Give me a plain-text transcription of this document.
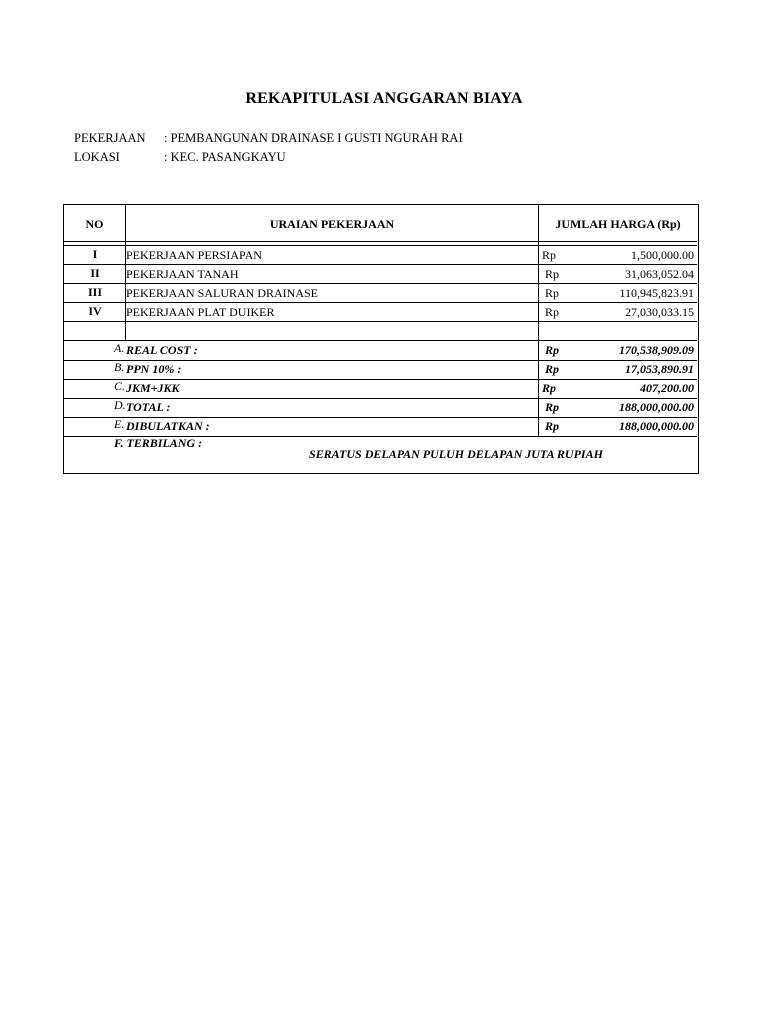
REKAPITULASI ANGGARAN BIAYA
PEKERJAAN : PEMBANGUNAN DRAINASE I GUSTI NGURAH RAI
LOKASI	: KEC. PASANGKAYU
NO	URAIAN PEKERJAAN	JUMLAH HARGA (Rp)
I	PEKERJAAN PERSIAPAN	Rp	1,500,000.00
II	PEKERJAAN TANAH	Rp	31,063,052.04
III	PEKERJAAN SALURAN DRAINASE	Rp	110,945,823.91
IV	PEKERJAAN PLAT DUIKER	Rp	27,030,033.15
A. REAL COST :	Rp	170,538,909.09
B. PPN 10% :	Rp	17,053,890.91
C. JKM+JKK	Rp	407,200.00
D. TOTAL :	Rp	188,000,000.00
E. DIBULATKAN :	Rp	188,000,000.00
F. TERBILANG :
SERATUS DELAPAN PULUH DELAPAN JUTA RUPIAH
